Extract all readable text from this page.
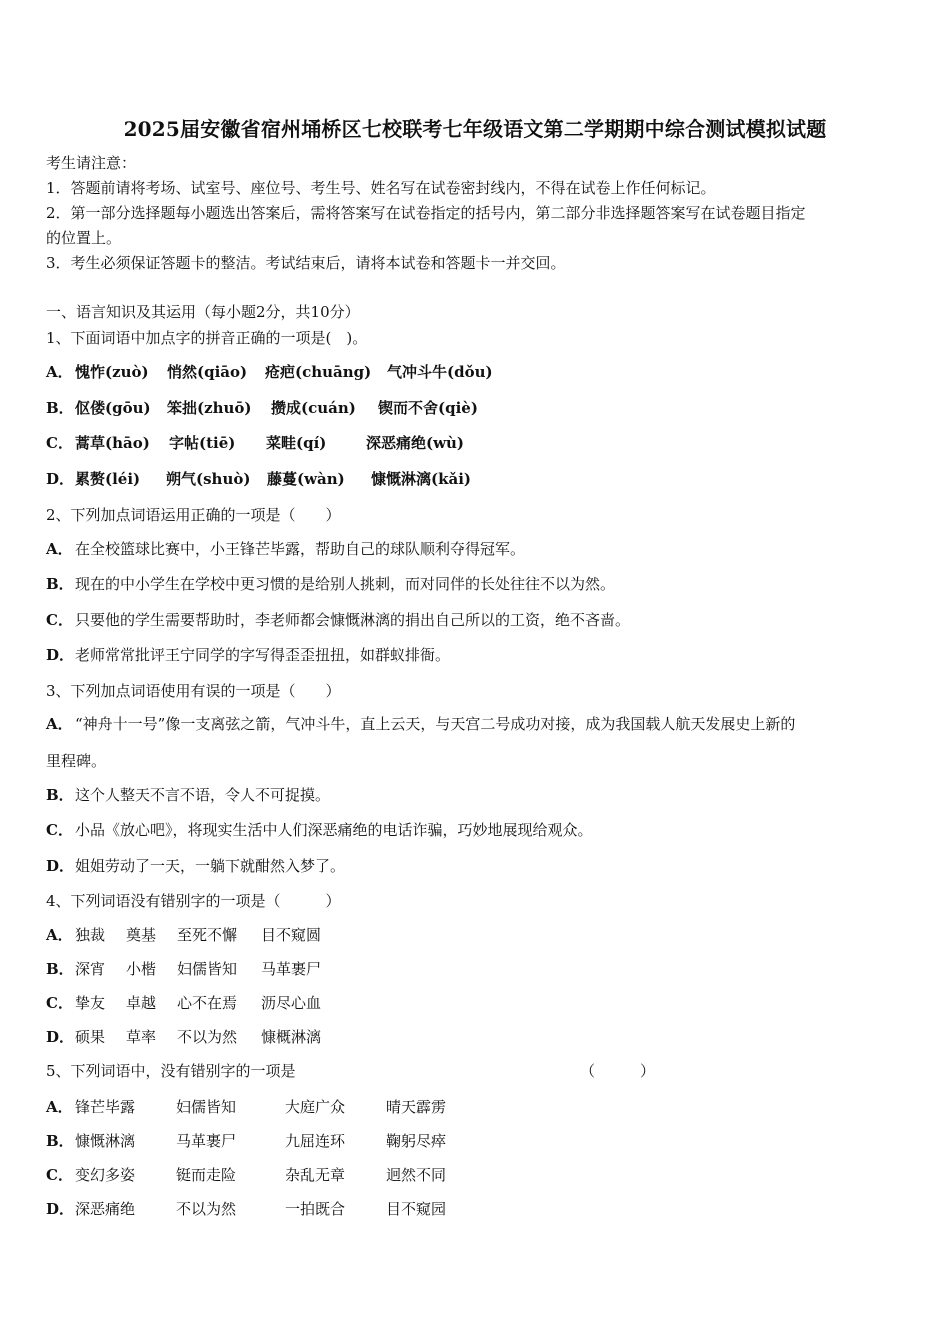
2025届安徽省宿州埇桥区七校联考七年级语文第二学期期中综合测试模拟试题
考生请注意：
1．答题前请将考场、试室号、座位号、考生号、姓名写在试卷密封线内，不得在试卷上作任何标记。
2．第一部分选择题每小题选出答案后，需将答案写在试卷指定的括号内，第二部分非选择题答案写在试卷题目指定
的位置上。
3．考生必须保证答题卡的整洁。考试结束后，请将本试卷和答题卡一并交回。
一、语言知识及其运用（每小题2分，共10分）
1、下面词语中加点字的拼音正确的一项是(　)。
A． 愧怍(zuò) 悄然(qiāo) 疮疤(chuāng) 气冲斗牛(dǒu)
B．伛偻(gōu) 笨拙(zhuō) 攒成(cuán) 锲而不舍(qiè)
C． 蒿草(hāo) 字帖(tiē) 菜畦(qí)	深恶痛绝(wù)
D．累赘(léi) 朔气(shuò) 藤蔓(wàn) 慷慨淋漓(kǎi)
2、下列加点词语运用正确的一项是（　　）
A． 在全校篮球比赛中，小王锋芒毕露，帮助自己的球队顺利夺得冠军。
B．现在的中小学生在学校中更习惯的是给别人挑刺，而对同伴的长处往往不以为然。
C． 只要他的学生需要帮助时，李老师都会慷慨淋漓的捐出自己所以的工资，绝不吝啬。
D．老师常常批评王宁同学的字写得歪歪扭扭，如群蚁排衙。
3、下列加点词语使用有误的一项是（　　）
A． “神舟十一号”像一支离弦之箭，气冲斗牛，直上云天，与天宫二号成功对接，成为我国载人航天发展史上新的
里程碑。
B．这个人整天不言不语，令人不可捉摸。
C． 小品《放心吧》，将现实生活中人们深恶痛绝的电话诈骗，巧妙地展现给观众。
D．姐姐劳动了一天，一躺下就酣然入梦了。
4、下列词语没有错别字的一项是（　　　）
A． 独裁 奠基 至死不懈 目不窥圆
B．深宵 小楷 妇儒皆知 马革裹尸
C． 挚友 卓越 心不在焉 沥尽心血
D．硕果 草率 不以为然 慷概淋漓
5、下列词语中，没有错别字的一项是	（　　　）
A． 锋芒毕露	妇儒皆知	大庭广众	晴天霹雳
B．慷慨淋漓	马革裹尸	九屈连环	鞠躬尽瘁
C． 变幻多姿	铤而走险	杂乱无章	迥然不同
D．深恶痛绝	不以为然	一拍既合	目不窥园
